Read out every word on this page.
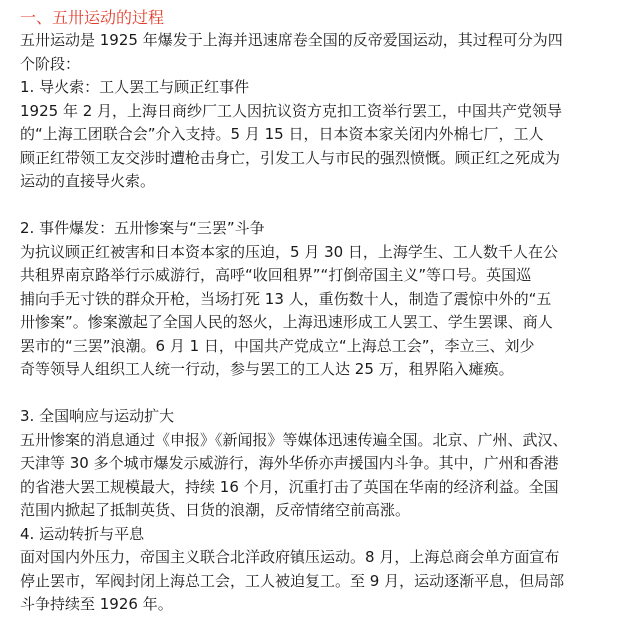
一、五卅运动的过程
五卅运动是 1925 年爆发于上海并迅速席卷全国的反帝爱国运动，其过程可分为四
个阶段：
1. 导火索：工人罢工与顾正红事件
1925 年 2 月，上海日商纱厂工人因抗议资方克扣工资举行罢工，中国共产党领导
的“上海工团联合会”介入支持。5 月 15 日，日本资本家关闭内外棉七厂，工人
顾正红带领工友交涉时遭枪击身亡，引发工人与市民的强烈愤慨。顾正红之死成为
运动的直接导火索。
2. 事件爆发：五卅惨案与“三罢”斗争
为抗议顾正红被害和日本资本家的压迫，5 月 30 日，上海学生、工人数千人在公
共租界南京路举行示威游行，高呼“收回租界”“打倒帝国主义”等口号。英国巡
捕向手无寸铁的群众开枪，当场打死 13 人，重伤数十人，制造了震惊中外的“五
卅惨案”。惨案激起了全国人民的怒火，上海迅速形成工人罢工、学生罢课、商人
罢市的“三罢”浪潮。6 月 1 日，中国共产党成立“上海总工会”，李立三、刘少
奇等领导人组织工人统一行动，参与罢工的工人达 25 万，租界陷入瘫痪。
3. 全国响应与运动扩大
五卅惨案的消息通过《申报》《新闻报》等媒体迅速传遍全国。北京、广州、武汉、
天津等 30 多个城市爆发示威游行，海外华侨亦声援国内斗争。其中，广州和香港
的省港大罢工规模最大，持续 16 个月，沉重打击了英国在华南的经济利益。全国
范围内掀起了抵制英货、日货的浪潮，反帝情绪空前高涨。
4. 运动转折与平息
面对国内外压力，帝国主义联合北洋政府镇压运动。8 月，上海总商会单方面宣布
停止罢市，军阀封闭上海总工会，工人被迫复工。至 9 月，运动逐渐平息，但局部
斗争持续至 1926 年。
